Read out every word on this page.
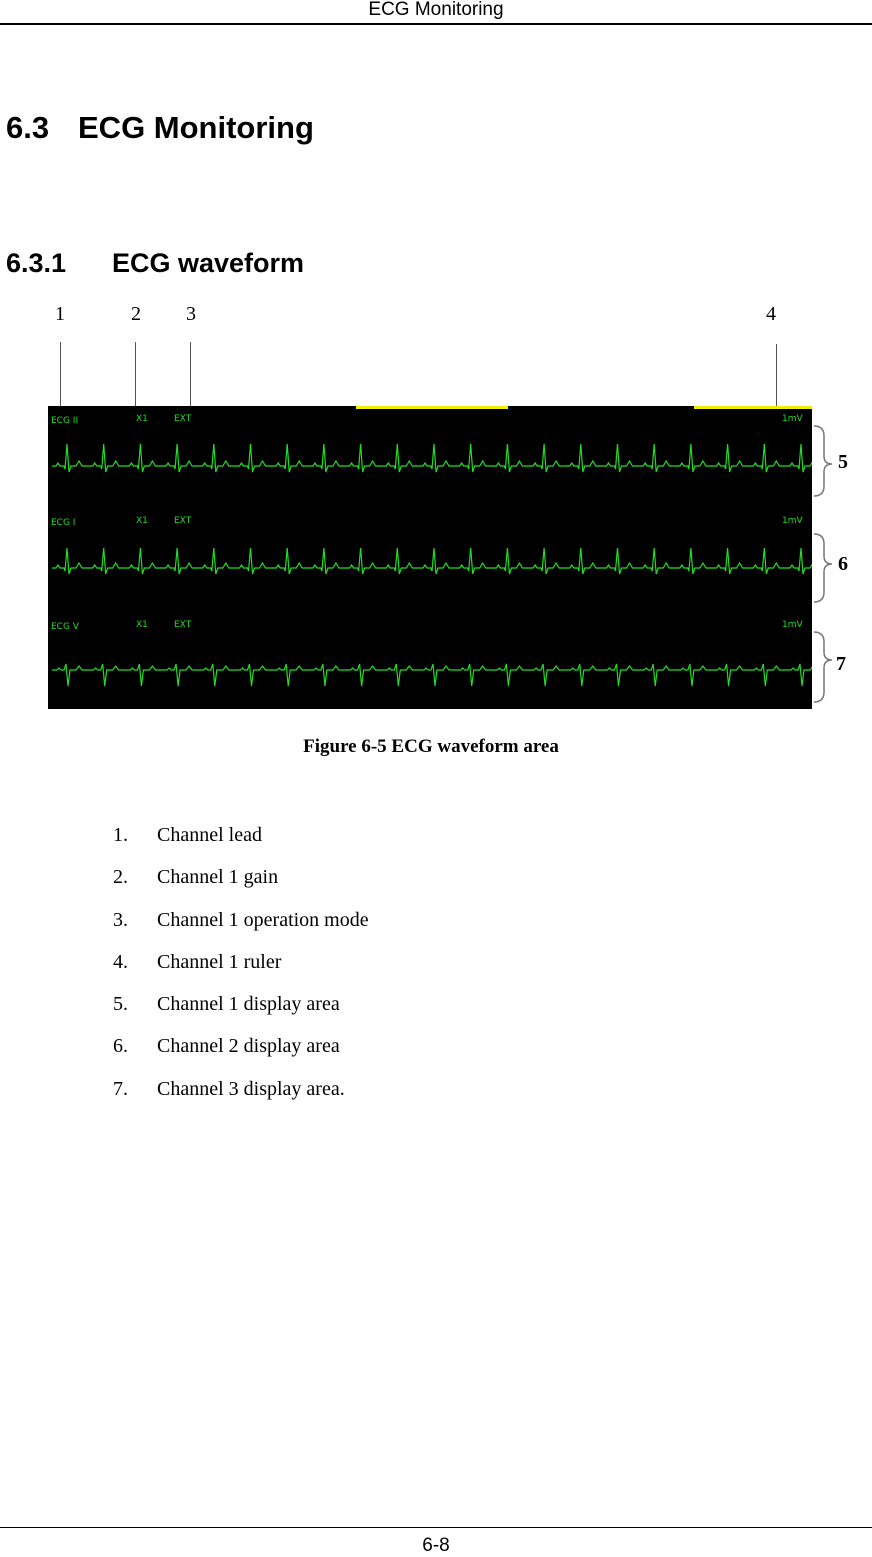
ECG Monitoring
6.3 ECG Monitoring
6.3.1 ECG waveform
1	2 3	4
ECG II	X1	EXT	1mV
ECG I	X1	EXT	1mV
ECG V	X1	EXT	1mV
5
6
7
Figure 6-5 ECG waveform area
1. Channel lead
2. Channel 1 gain
3. Channel 1 operation mode
4. Channel 1 ruler
5. Channel 1 display area
6. Channel 2 display area
7. Channel 3 display area.
6-8
